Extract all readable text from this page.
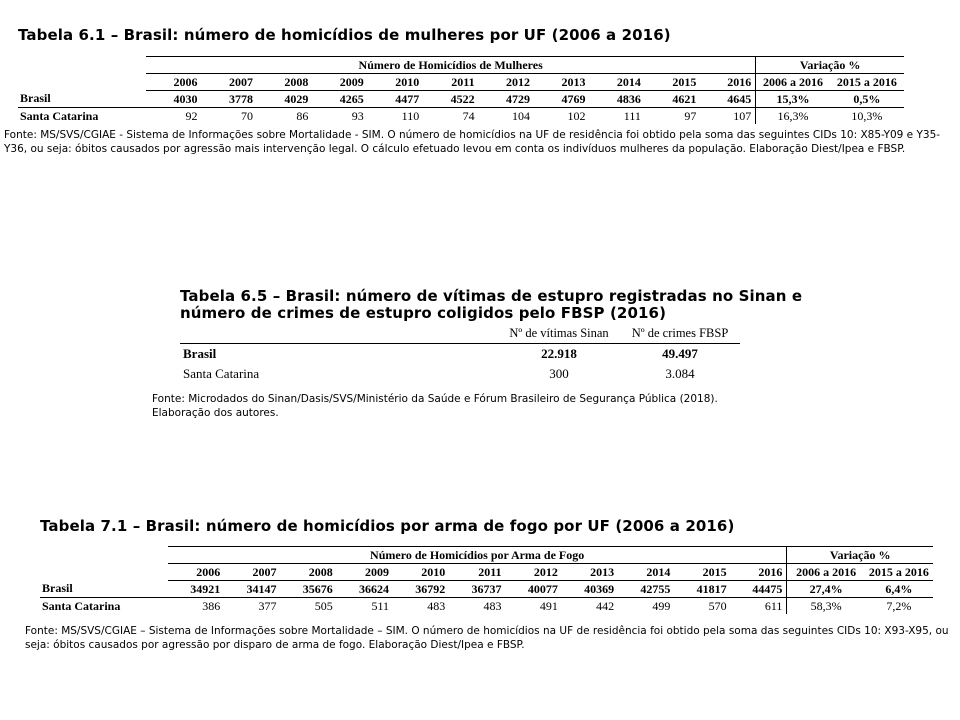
Tabela 6.1 – Brasil: número de homicídios de mulheres por UF (2006 a 2016)
	Número de Homicídios de Mulheres											Variação %	
	2006	2007	2008	2009	2010	2011	2012	2013	2014	2015	2016	2006 a 2016	2015 a 2016
Brasil	4030	3778	4029	4265	4477	4522	4729	4769	4836	4621	4645	15,3%	0,5%
Santa Catarina	92	70	86	93	110	74	104	102	111	97	107	16,3%	10,3%
Fonte: MS/SVS/CGIAE - Sistema de Informações sobre Mortalidade - SIM. O número de homicídios na UF de residência foi obtido pela soma das seguintes CIDs 10: X85-Y09 e Y35-Y36, ou seja: óbitos causados por agressão mais intervenção legal. O cálculo efetuado levou em conta os indivíduos mulheres da população. Elaboração Diest/Ipea e FBSP.
Tabela 6.5 – Brasil: número de vítimas de estupro registradas no Sinan e
número de crimes de estupro coligidos pelo FBSP (2016)
	Nº de vítimas Sinan	Nº de crimes FBSP
Brasil	22.918	49.497
Santa Catarina	300	3.084
Fonte: Microdados do Sinan/Dasis/SVS/Ministério da Saúde e Fórum Brasileiro de Segurança Pública (2018).
Elaboração dos autores.
Tabela 7.1 – Brasil: número de homicídios por arma de fogo por UF (2006 a 2016)
	Número de Homicídios por Arma de Fogo											Variação %	
	2006	2007	2008	2009	2010	2011	2012	2013	2014	2015	2016	2006 a 2016	2015 a 2016
Brasil	34921	34147	35676	36624	36792	36737	40077	40369	42755	41817	44475	27,4%	6,4%
Santa Catarina	386	377	505	511	483	483	491	442	499	570	611	58,3%	7,2%
Fonte: MS/SVS/CGIAE – Sistema de Informações sobre Mortalidade – SIM. O número de homicídios na UF de residência foi obtido pela soma das seguintes CIDs 10: X93-X95, ou seja: óbitos causados por agressão por disparo de arma de fogo. Elaboração Diest/Ipea e FBSP.
